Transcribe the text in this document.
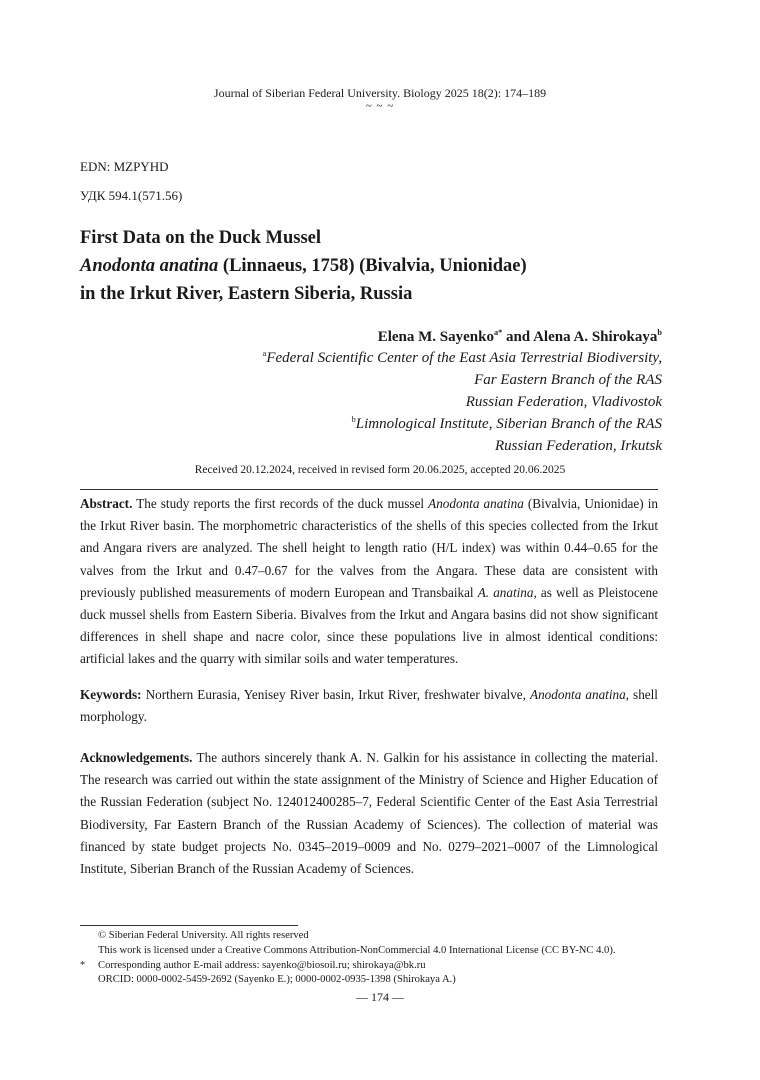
Journal of Siberian Federal University. Biology 2025 18(2): 174–189
~ ~ ~
EDN: MZPYHD
УДК 594.1(571.56)
First Data on the Duck Mussel
Anodonta anatina (Linnaeus, 1758) (Bivalvia, Unionidae)
in the Irkut River, Eastern Siberia, Russia
Elena M. Sayenko$^{a*}$ and Alena A. Shirokaya$^b$
$^a$Federal Scientific Center of the East Asia Terrestrial Biodiversity,
Far Eastern Branch of the RAS
Russian Federation, Vladivostok
$^b$Limnological Institute, Siberian Branch of the RAS
Russian Federation, Irkutsk
Received 20.12.2024, received in revised form 20.06.2025, accepted 20.06.2025

Abstract. The study reports the first records of the duck mussel Anodonta anatina (Bivalvia, Unionidae) in the Irkut River basin. The morphometric characteristics of the shells of this species collected from the Irkut and Angara rivers are analyzed. The shell height to length ratio (H/L index) was within 0.44–0.65 for the valves from the Irkut and 0.47–0.67 for the valves from the Angara. These data are consistent with previously published measurements of modern European and Transbaikal A. anatina, as well as Pleistocene duck mussel shells from Eastern Siberia. Bivalves from the Irkut and Angara basins did not show significant differences in shell shape and nacre color, since these populations live in almost identical conditions: artificial lakes and the quarry with similar soils and water temperatures.

Keywords: Northern Eurasia, Yenisey River basin, Irkut River, freshwater bivalve, Anodonta anatina, shell morphology.

Acknowledgements. The authors sincerely thank A. N. Galkin for his assistance in collecting the material. The research was carried out within the state assignment of the Ministry of Science and Higher Education of the Russian Federation (subject No. 124012400285–7, Federal Scientific Center of the East Asia Terrestrial Biodiversity, Far Eastern Branch of the Russian Academy of Sciences). The collection of material was financed by state budget projects No. 0345–2019–0009 and No. 0279–2021–0007 of the Limnological Institute, Siberian Branch of the Russian Academy of Sciences.

© Siberian Federal University. All rights reserved
This work is licensed under a Creative Commons Attribution-NonCommercial 4.0 International License (CC BY-NC 4.0).
*	Corresponding author E-mail address: sayenko@biosoil.ru; shirokaya@bk.ru
ORCID: 0000-0002-5459-2692 (Sayenko E.); 0000-0002-0935-1398 (Shirokaya A.)
— 174 —
